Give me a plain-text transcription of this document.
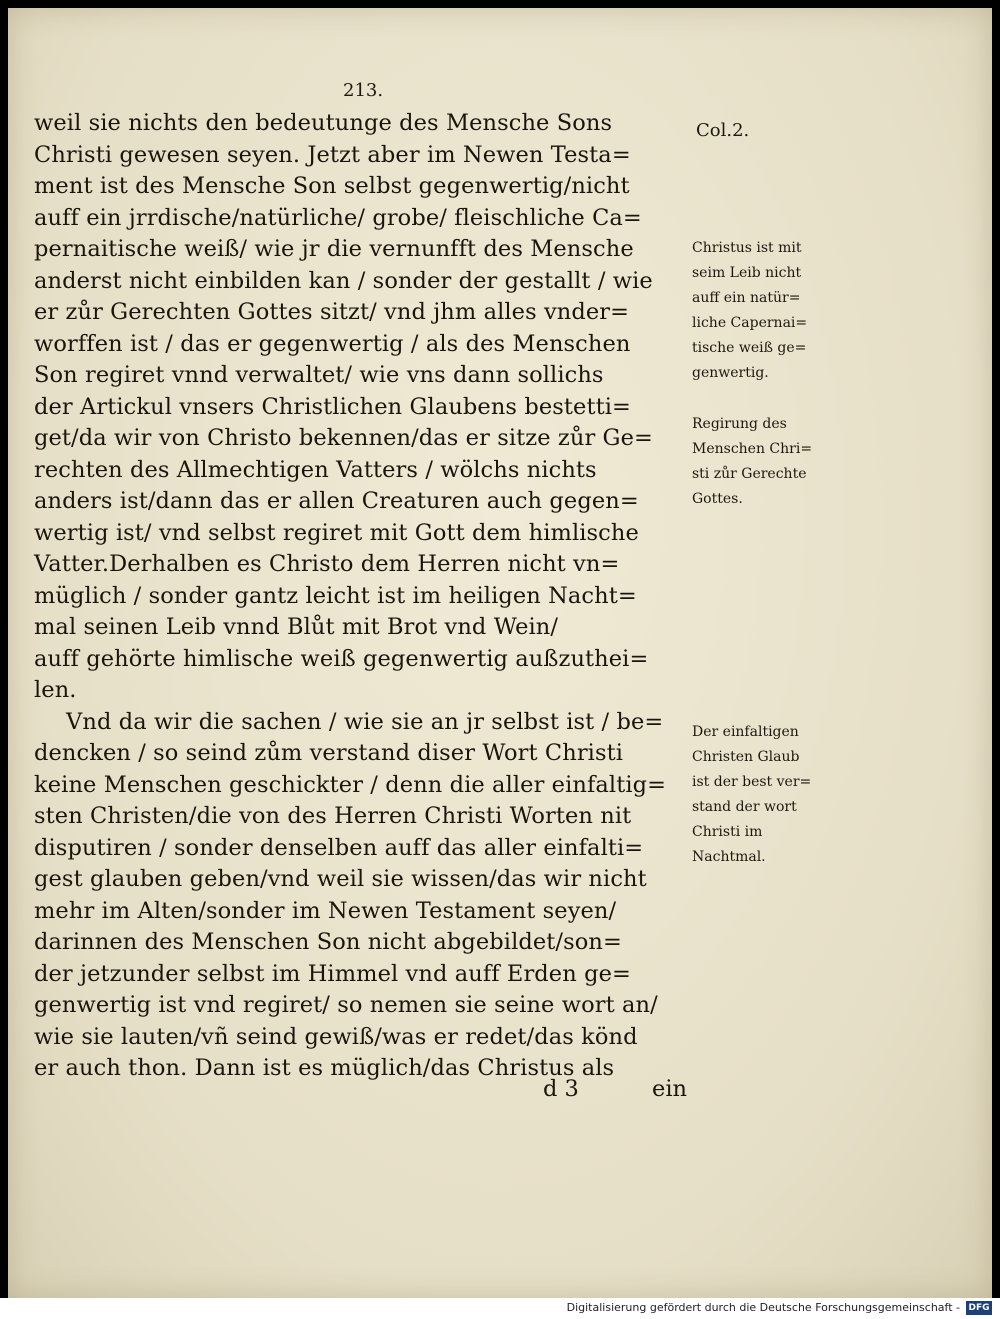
213.

Col.2.

weil sie nichts den bedeutunge des Mensche Sons
Christi gewesen seyen. Jetzt aber im Newen Testa=
ment ist des Mensche Son selbst gegenwertig/nicht
auff ein jrrdische/natürliche/ grobe/ fleischliche Ca=
pernaitische weiß/ wie jr die vernunfft des Mensche
anderst nicht einbilden kan / sonder der gestallt / wie
er zůr Gerechten Gottes sitzt/ vnd jhm alles vnder=
worffen ist / das er gegenwertig / als des Menschen
Son regiret vnnd verwaltet/ wie vns dann sollichs
der Artickul vnsers Christlichen Glaubens bestetti=
get/da wir von Christo bekennen/das er sitze zůr Ge=
rechten des Allmechtigen Vatters / wölchs nichts
anders ist/dann das er allen Creaturen auch gegen=
wertig ist/ vnd selbst regiret mit Gott dem himlische
Vatter.Derhalben es Christo dem Herren nicht vn=
müglich / sonder gantz leicht ist im heiligen Nacht=
mal seinen Leib vnnd Blůt mit Brot vnd Wein/
auff gehörte himlische weiß gegenwertig außzuthei=
len.
Vnd da wir die sachen / wie sie an jr selbst ist / be=
dencken / so seind zům verstand diser Wort Christi
keine Menschen geschickter / denn die aller einfaltig=
sten Christen/die von des Herren Christi Worten nit
disputiren / sonder denselben auff das aller einfalti=
gest glauben geben/vnd weil sie wissen/das wir nicht
mehr im Alten/sonder im Newen Testament seyen/
darinnen des Menschen Son nicht abgebildet/son=
der jetzunder selbst im Himmel vnd auff Erden ge=
genwertig ist vnd regiret/ so nemen sie seine wort an/
wie sie lauten/vñ seind gewiß/was er redet/das könd
er auch thon. Dann ist es müglich/das Christus als
Christus ist mit
seim Leib nicht
auff ein natür=
liche Capernai=
tische weiß ge=
genwertig.
Regirung des
Menschen Chri=
sti zůr Gerechte
Gottes.
Der einfaltigen
Christen Glaub
ist der best ver=
stand der wort
Christi im
Nachtmal.

d 3	ein

Digitalisierung gefördert durch die Deutsche Forschungsgemeinschaft - DFG
